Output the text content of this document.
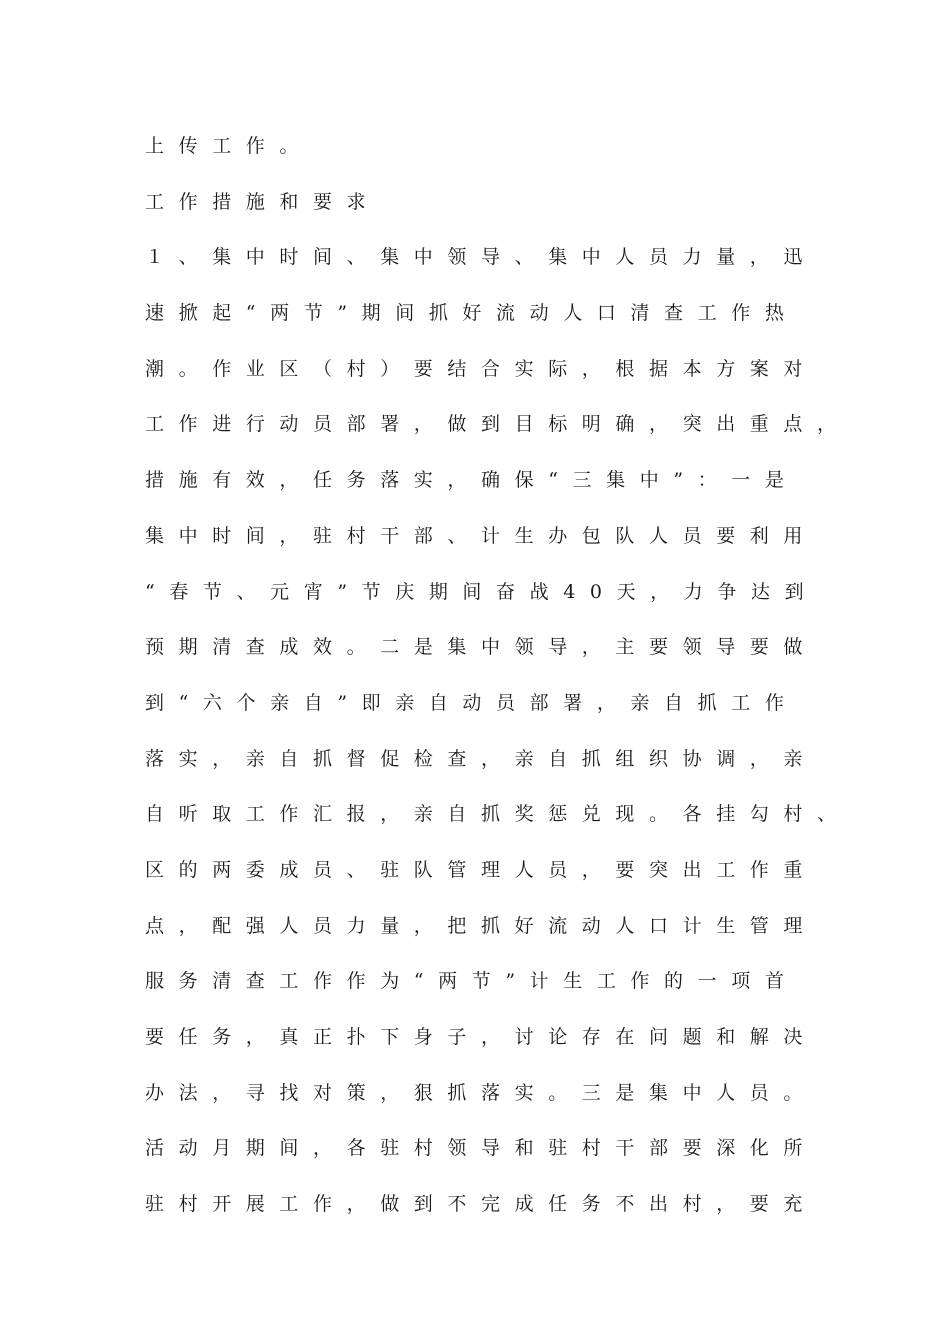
上传工作。
工作措施和要求
１、集中时间、集中领导、集中人员力量，迅
速掀起“两节”期间抓好流动人口清查工作热
潮。作业区（村）要结合实际，根据本方案对
工作进行动员部署，做到目标明确，突出重点，
措施有效，任务落实，确保“三集中”：一是
集中时间，驻村干部、计生办包队人员要利用
“春节、元宵”节庆期间奋战40天，力争达到
预期清查成效。二是集中领导，主要领导要做
到“六个亲自”即亲自动员部署，亲自抓工作
落实，亲自抓督促检查，亲自抓组织协调，亲
自听取工作汇报，亲自抓奖惩兑现。各挂勾村、
区的两委成员、驻队管理人员，要突出工作重
点，配强人员力量，把抓好流动人口计生管理
服务清查工作作为“两节”计生工作的一项首
要任务，真正扑下身子，讨论存在问题和解决
办法，寻找对策，狠抓落实。三是集中人员。
活动月期间，各驻村领导和驻村干部要深化所
驻村开展工作，做到不完成任务不出村，要充
